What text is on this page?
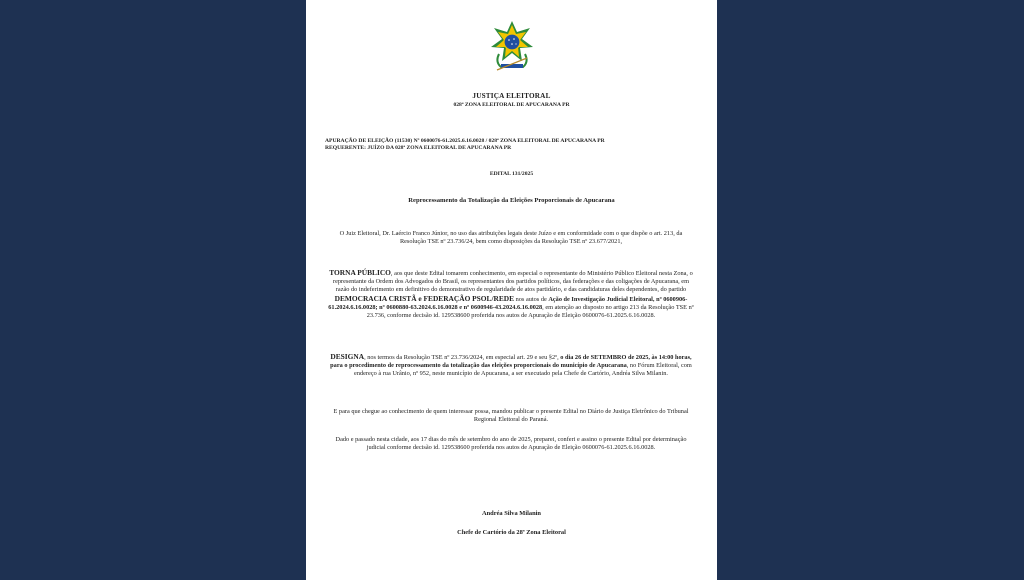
JUSTIÇA ELEITORAL
028ª ZONA ELEITORAL DE APUCARANA PR
APURAÇÃO DE ELEIÇÃO (11530) Nº 0600076-61.2025.6.16.0028 / 028ª ZONA ELEITORAL DE APUCARANA PR
REQUERENTE: JUÍZO DA 028ª ZONA ELEITORAL DE APUCARANA PR
EDITAL 131/2025
Reprocessamento da Totalização da Eleições Proporcionais de Apucarana

O Juiz Eleitoral, Dr. Laércio Franco Júnior, no uso das atribuições legais deste Juízo e em conformidade com o que dispõe o art. 213, da Resolução TSE nº 23.736/24, bem como disposições da Resolução TSE nº 23.677/2021,

TORNA PÚBLICO, aos que deste Edital tomarem conhecimento, em especial o representante do Ministério Público Eleitoral nesta Zona, o representante da Ordem dos Advogados do Brasil, os representantes dos partidos políticos, das federações e das coligações de Apucarana, em razão do indeferimento em definitivo do demonstrativo de regularidade de atos partidário, e das candidaturas deles dependentes, do partido DEMOCRACIA CRISTÃ e FEDERAÇÃO PSOL/REDE nos autos de Ação de Investigação Judicial Eleitoral, nº 0600906-61.2024.6.16.0028; nº 0600880-63.2024.6.16.0028 e nº 0600946-43.2024.6.16.0028, em atenção ao disposto no artigo 213 da Resolução TSE nº 23.736, conforme decisão id. 129538600 proferida nos autos de Apuração de Eleição 0600076-61.2025.6.16.0028.

DESIGNA, nos termos da Resolução TSE nº 23.736/2024, em especial art. 29 e seu §2º, o dia 26 de SETEMBRO de 2025, às 14:00 horas, para o procedimento de reprocessamento da totalização das eleições proporcionais do município de Apucarana, no Fórum Eleitoral, com endereço à rua Urânio, nº 952, neste município de Apucarana, a ser executado pela Chefe de Cartório, Andréa Silva Milanin.

E para que chegue ao conhecimento de quem interessar possa, mandou publicar o presente Edital no Diário de Justiça Eletrônico do Tribunal Regional Eleitoral do Paraná.

Dado e passado nesta cidade, aos 17 dias do mês de setembro do ano de 2025, preparei, conferi e assino o presente Edital por determinação judicial conforme decisão id. 129538600 proferida nos autos de Apuração de Eleição 0600076-61.2025.6.16.0028.

Andréa Silva Milanin
Chefe de Cartório da 28ª Zona Eleitoral
